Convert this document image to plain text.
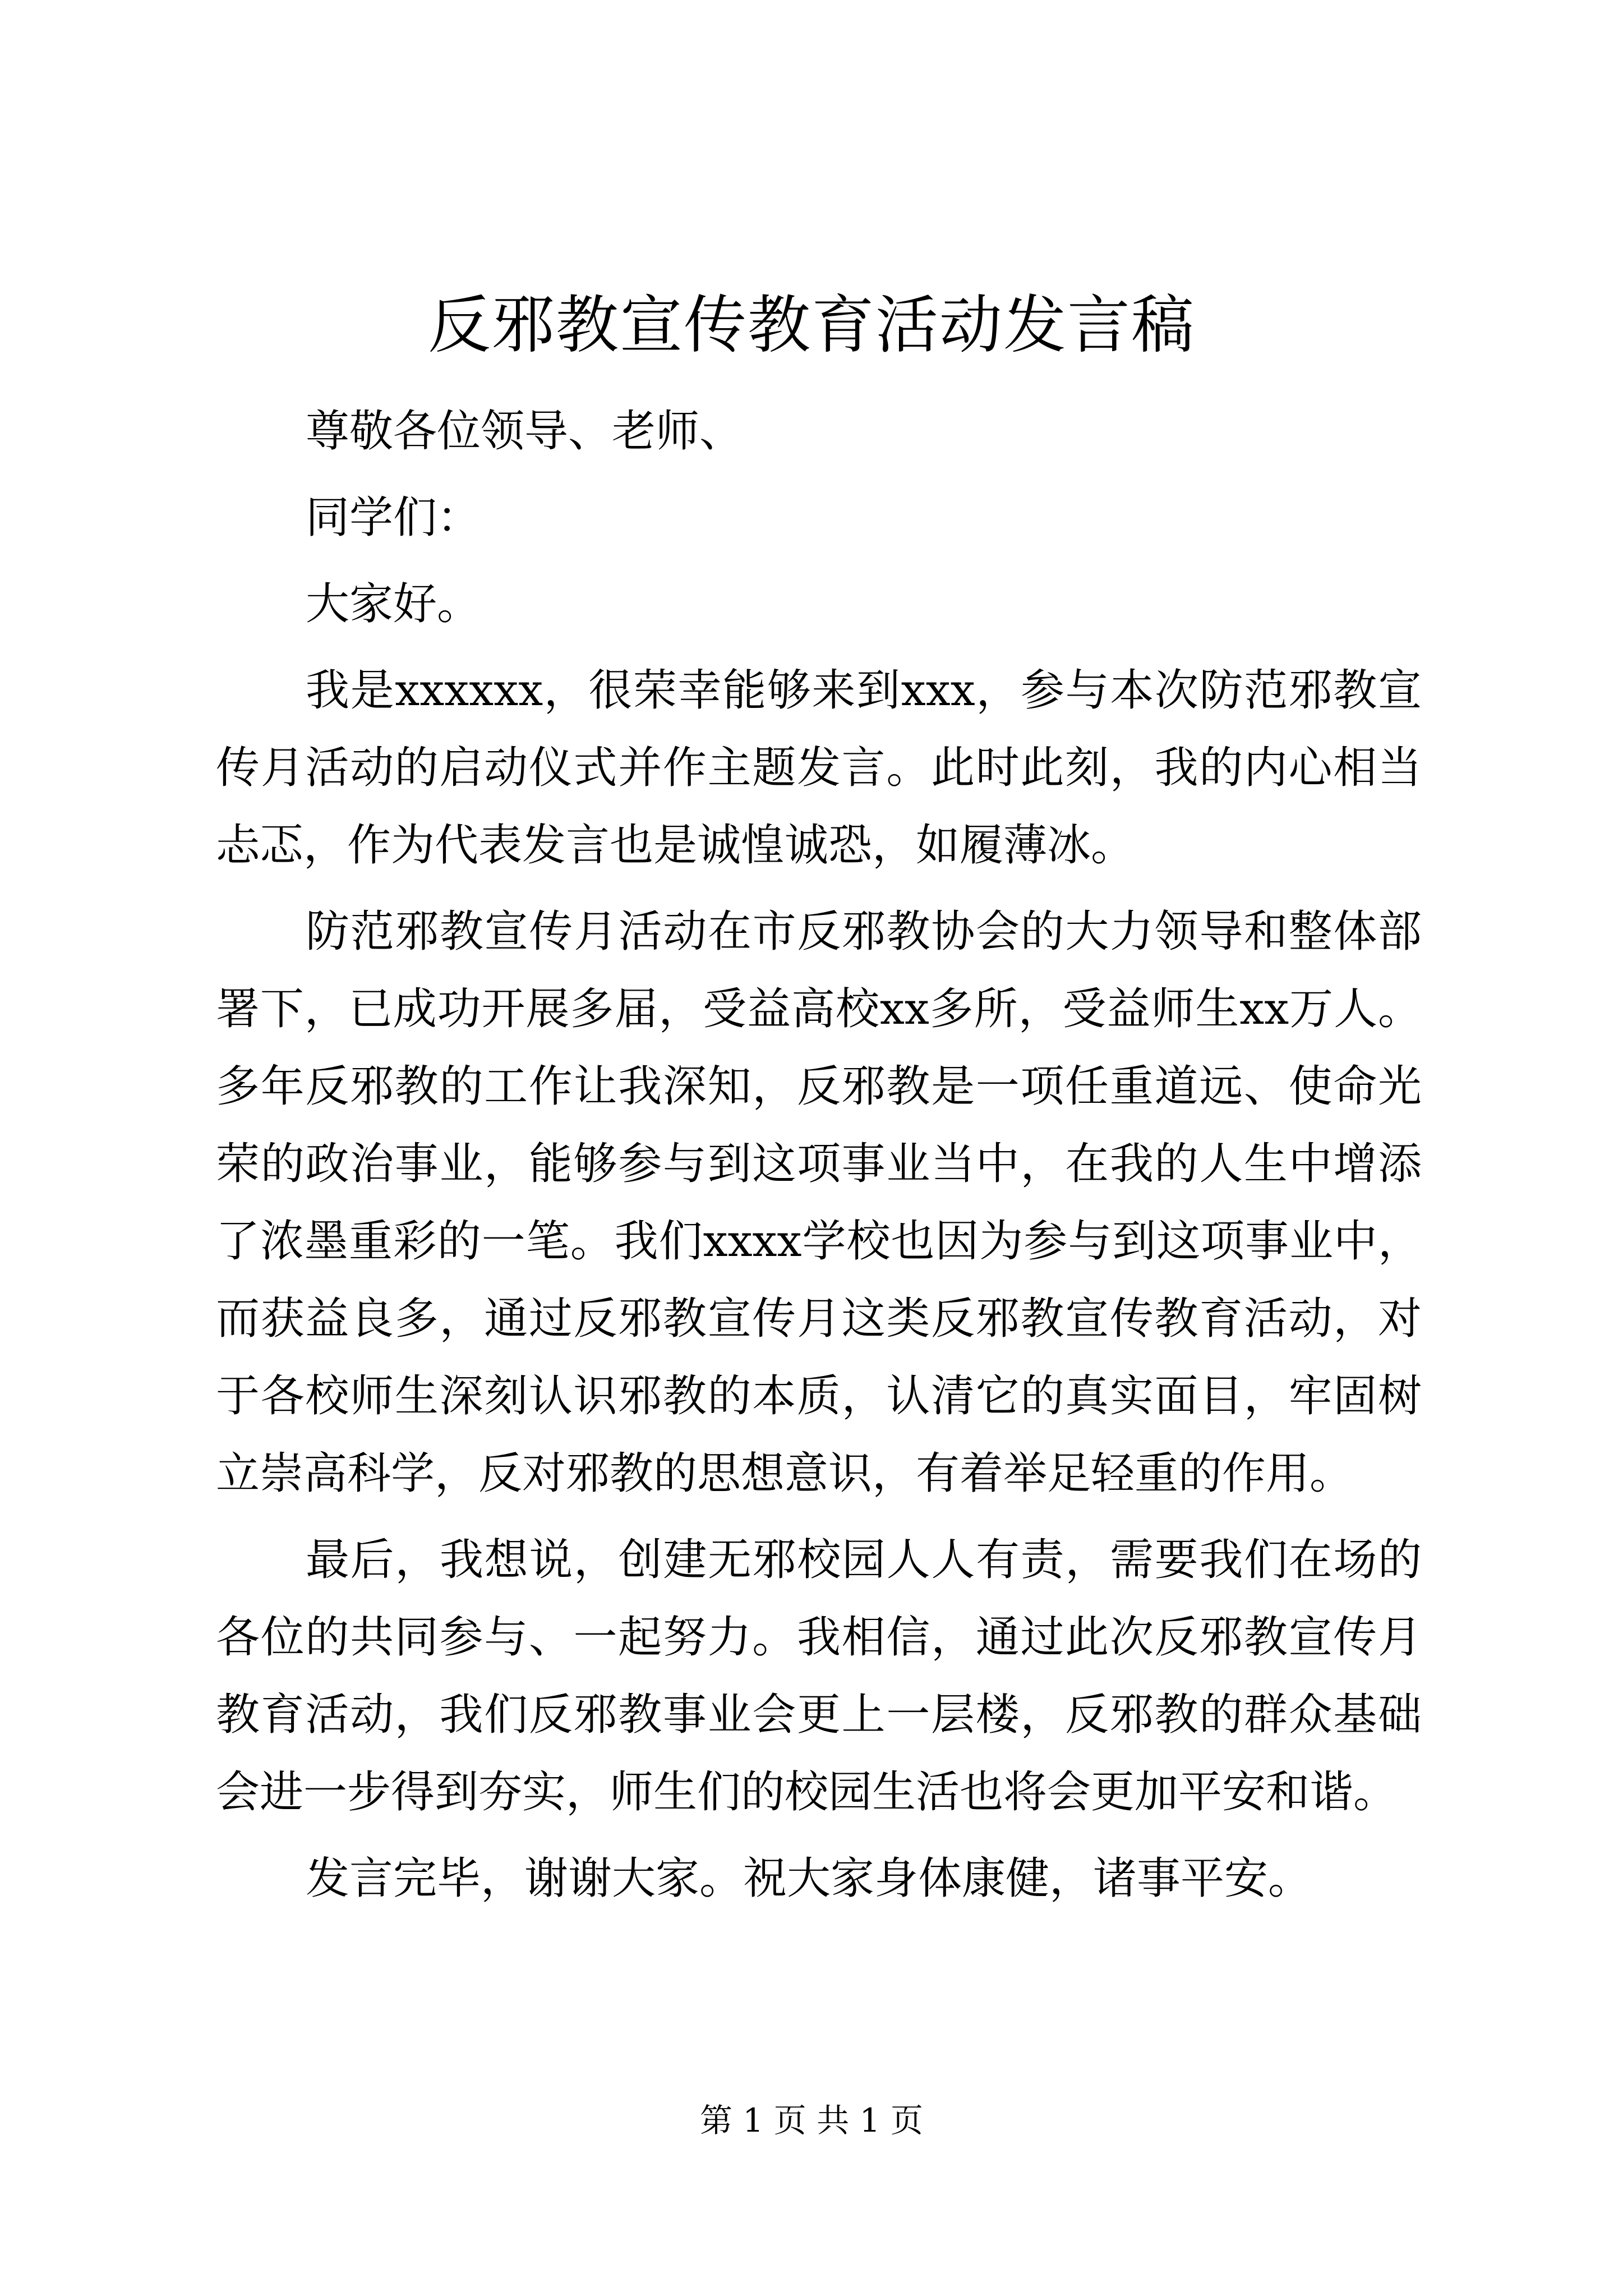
反邪教宣传教育活动发言稿

尊敬各位领导、老师、

同学们：

大家好。

我是xxxxxx，很荣幸能够来到xxx，参与本次防范邪教宣传月活动的启动仪式并作主题发言。此时此刻，我的内心相当忐忑，作为代表发言也是诚惶诚恐，如履薄冰。

防范邪教宣传月活动在市反邪教协会的大力领导和整体部署下，已成功开展多届，受益高校xx多所，受益师生xx万人。多年反邪教的工作让我深知，反邪教是一项任重道远、使命光荣的政治事业，能够参与到这项事业当中，在我的人生中增添了浓墨重彩的一笔。我们xxxx学校也因为参与到这项事业中，而获益良多，通过反邪教宣传月这类反邪教宣传教育活动，对于各校师生深刻认识邪教的本质，认清它的真实面目，牢固树立崇高科学，反对邪教的思想意识，有着举足轻重的作用。

最后，我想说，创建无邪校园人人有责，需要我们在场的各位的共同参与、一起努力。我相信，通过此次反邪教宣传月教育活动，我们反邪教事业会更上一层楼，反邪教的群众基础会进一步得到夯实，师生们的校园生活也将会更加平安和谐。

发言完毕，谢谢大家。祝大家身体康健，诸事平安。

第 1 页 共 1 页
